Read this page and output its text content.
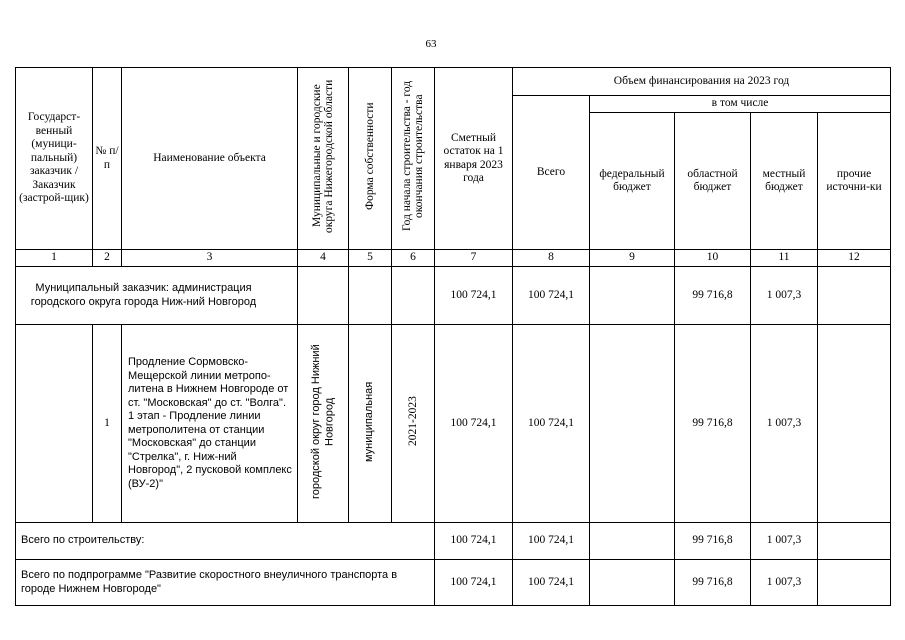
63
Государст-венный (муници-пальный) заказчик / Заказчик (застрой-щик)	№ п/п	Наименование объекта	Муниципальные и городские округа Нижегородской области	Форма собственности	Год начала строительства - год окончания строительства	Сметный остаток на 1 января 2023 года	Объем финансирования на 2023 год				
							Всего	в том числе			
								федеральный бюджет	областной бюджет	местный бюджет	прочие источни-ки
1	2	3	4	5	6	7	8	9	10	11	12
Муниципальный заказчик: администрация городского округа города Ниж-ний Новгород						100 724,1	100 724,1		99 716,8	1 007,3	
	1	Продление Сормовско-Мещерской линии метропо-литена в Нижнем Новгороде от ст. "Московская" до ст. "Волга". 1 этап - Продление линии метрополитена от станции "Московская" до станции "Стрелка", г. Ниж-ний Новгород", 2 пусковой комплекс (ВУ-2)"	городской округ город Нижний Новгород	муниципальная	2021-2023	100 724,1	100 724,1		99 716,8	1 007,3	
Всего по строительству:						100 724,1	100 724,1		99 716,8	1 007,3	
Всего по подпрограмме "Развитие скоростного внеуличного транспорта в городе Нижнем Новгороде"						100 724,1	100 724,1		99 716,8	1 007,3	
